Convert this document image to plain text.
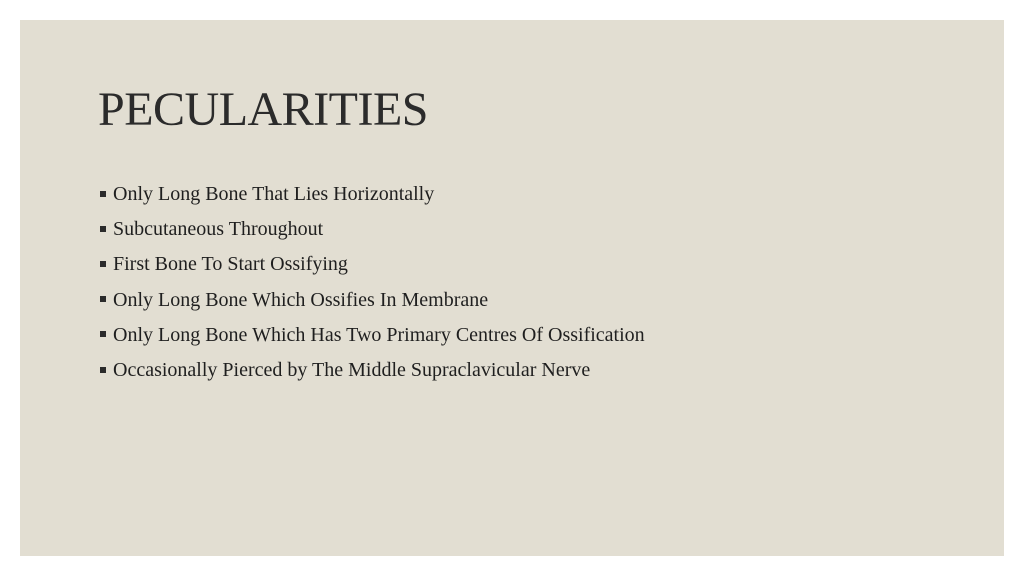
PECULARITIES
Only Long Bone That Lies Horizontally
Subcutaneous Throughout
First Bone To Start Ossifying
Only Long Bone Which Ossifies In Membrane
Only Long Bone Which Has Two Primary Centres Of Ossification
Occasionally Pierced by The Middle Supraclavicular Nerve
